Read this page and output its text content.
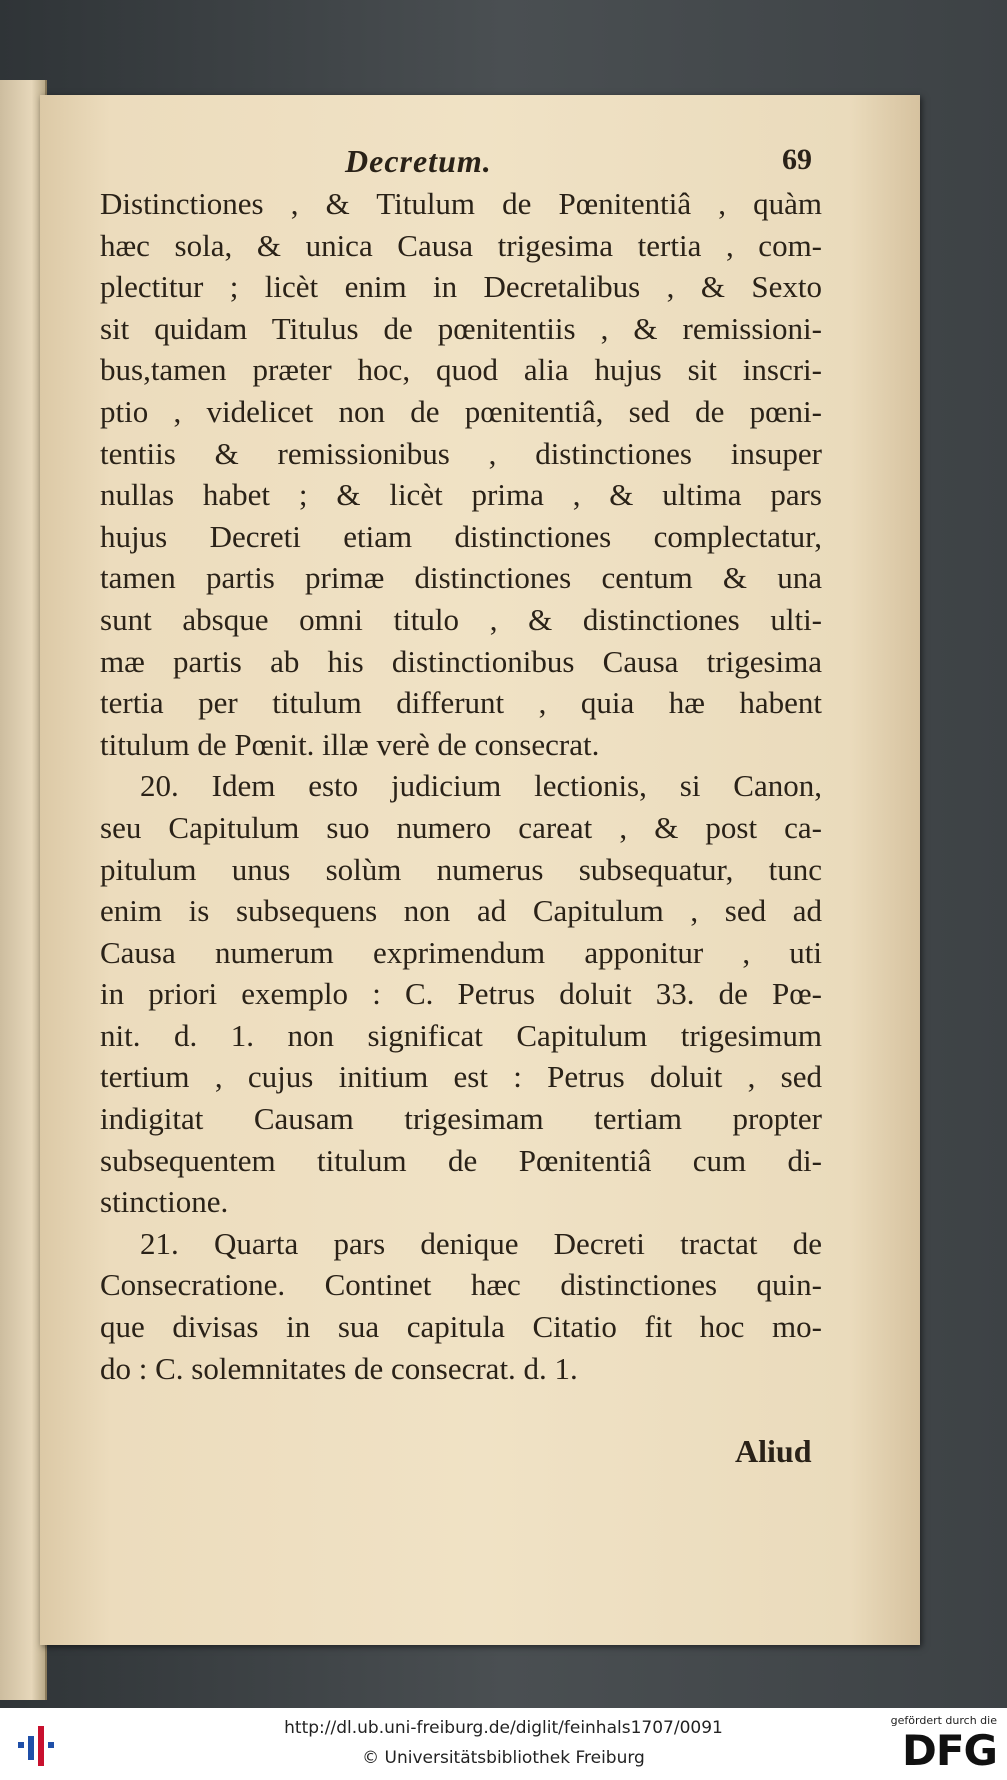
Decretum.	69
Distinctiones , & Titulum de Pœnitentiâ , quàm
hæc sola, & unica Causa trigesima tertia , com-
plectitur ; licèt enim in Decretalibus , & Sexto
sit quidam Titulus de pœnitentiis , & remissioni-
bus,tamen præter hoc, quod alia hujus sit inscri-
ptio , videlicet non de pœnitentiâ, sed de pœni-
tentiis & remissionibus , distinctiones insuper
nullas habet ; & licèt prima , & ultima pars
hujus Decreti etiam distinctiones complectatur,
tamen partis primæ distinctiones centum & una
sunt absque omni titulo , & distinctiones ulti-
mæ partis ab his distinctionibus Causa trigesima
tertia per titulum differunt , quia hæ habent
titulum de Pœnit. illæ verè de consecrat.
20. Idem esto judicium lectionis, si Canon,
seu Capitulum suo numero careat , & post ca-
pitulum unus solùm numerus subsequatur, tunc
enim is subsequens non ad Capitulum , sed ad
Causa numerum exprimendum apponitur , uti
in priori exemplo : C. Petrus doluit 33. de Pœ-
nit. d. 1. non significat Capitulum trigesimum
tertium , cujus initium est : Petrus doluit , sed
indigitat Causam trigesimam tertiam propter
subsequentem titulum de Pœnitentiâ cum di-
stinctione.
21. Quarta pars denique Decreti tractat de
Consecratione. Continet hæc distinctiones quin-
que divisas in sua capitula Citatio fit hoc mo-
do : C. solemnitates de consecrat. d. 1.
Aliud
http://dl.ub.uni-freiburg.de/diglit/feinhals1707/0091
© Universitätsbibliothek Freiburg
gefördert durch die
DFG
